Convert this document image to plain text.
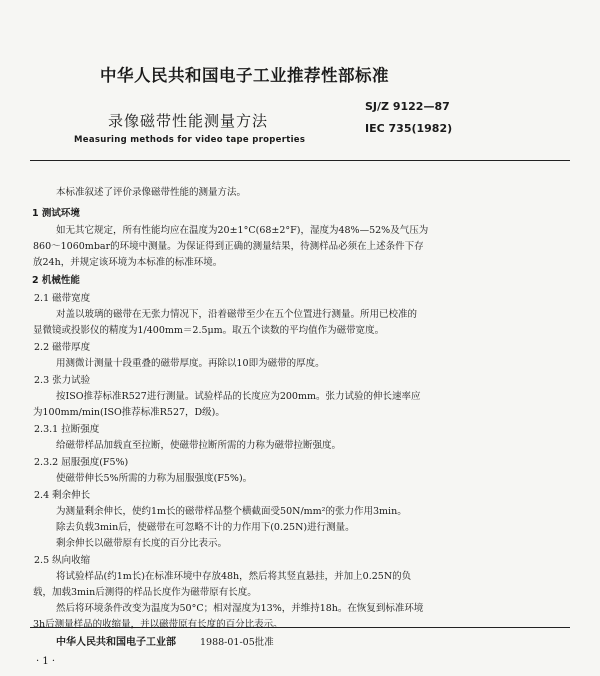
中华人民共和国电子工业推荐性部标准
录像磁带性能测量方法
SJ/Z 9122—87
IEC 735(1982)
Measuring methods for video tape properties
本标准叙述了评价录像磁带性能的测量方法。
1 测试环境
如无其它规定，所有性能均应在温度为20±1°C(68±2°F)，湿度为48%—52%及气压为
860～1060mbar的环境中测量。为保证得到正确的测量结果，待测样品必须在上述条件下存
放24h，并规定该环境为本标准的标准环境。
2 机械性能
2.1 磁带宽度
对盖以玻璃的磁带在无张力情况下，沿着磁带至少在五个位置进行测量。所用已校准的
显微镜或投影仪的精度为1/400mm＝2.5μm。取五个读数的平均值作为磁带宽度。
2.2 磁带厚度
用测微计测量十段重叠的磁带厚度。再除以10即为磁带的厚度。
2.3 张力试验
按ISO推荐标准R527进行测量。试验样品的长度应为200mm。张力试验的伸长速率应
为100mm/min(ISO推荐标准R527，D级)。
2.3.1 拉断强度
给磁带样品加载直至拉断，使磁带拉断所需的力称为磁带拉断强度。
2.3.2 屈服强度(F5%)
使磁带伸长5%所需的力称为屈服强度(F5%)。
2.4 剩余伸长
为测量剩余伸长，使约1m长的磁带样品整个横截面受50N/mm²的张力作用3min。
除去负载3min后，使磁带在可忽略不计的力作用下(0.25N)进行测量。
剩余伸长以磁带原有长度的百分比表示。
2.5 纵向收缩
将试验样品(约1m长)在标准环境中存放48h，然后将其竖直悬挂，并加上0.25N的负
载，加载3min后测得的样品长度作为磁带原有长度。
然后将环境条件改变为温度为50°C；相对湿度为13%，并维持18h。在恢复到标准环境
3h后测量样品的收缩量，并以磁带原有长度的百分比表示。
中华人民共和国电子工业部	1988-01-05批准
· 1 ·
